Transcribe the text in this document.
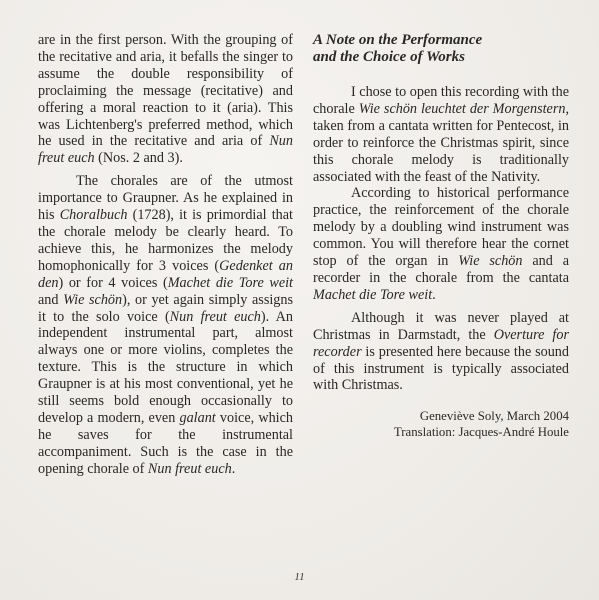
are in the first person. With the grouping of the recitative and aria, it befalls the singer to assume the double responsibility of proclaiming the message (recitative) and offering a moral reaction to it (aria). This was Lichtenberg's preferred method, which he used in the recitative and aria of Nun freut euch (Nos. 2 and 3).

The chorales are of the utmost importance to Graupner. As he explained in his Choralbuch (1728), it is primordial that the chorale melody be clearly heard. To achieve this, he harmonizes the melody homophonically for 3 voices (Gedenket an den) or for 4 voices (Machet die Tore weit and Wie schön), or yet again simply assigns it to the solo voice (Nun freut euch). An independent instrumental part, almost always one or more violins, completes the texture. This is the structure in which Graupner is at his most conventional, yet he still seems bold enough occasionally to develop a modern, even galant voice, which he saves for the instrumental accompaniment. Such is the case in the opening chorale of Nun freut euch.

A Note on the Performance
and the Choice of Works

I chose to open this recording with the chorale Wie schön leuchtet der Morgenstern, taken from a cantata written for Pentecost, in order to reinforce the Christmas spirit, since this chorale melody is traditionally associated with the feast of the Nativity.

According to historical performance practice, the reinforcement of the chorale melody by a doubling wind instrument was common. You will therefore hear the cornet stop of the organ in Wie schön and a recorder in the chorale from the cantata Machet die Tore weit.

Although it was never played at Christmas in Darmstadt, the Overture for recorder is presented here because the sound of this instrument is typically associated with Christmas.

Geneviève Soly, March 2004
Translation: Jacques-André Houle

11
